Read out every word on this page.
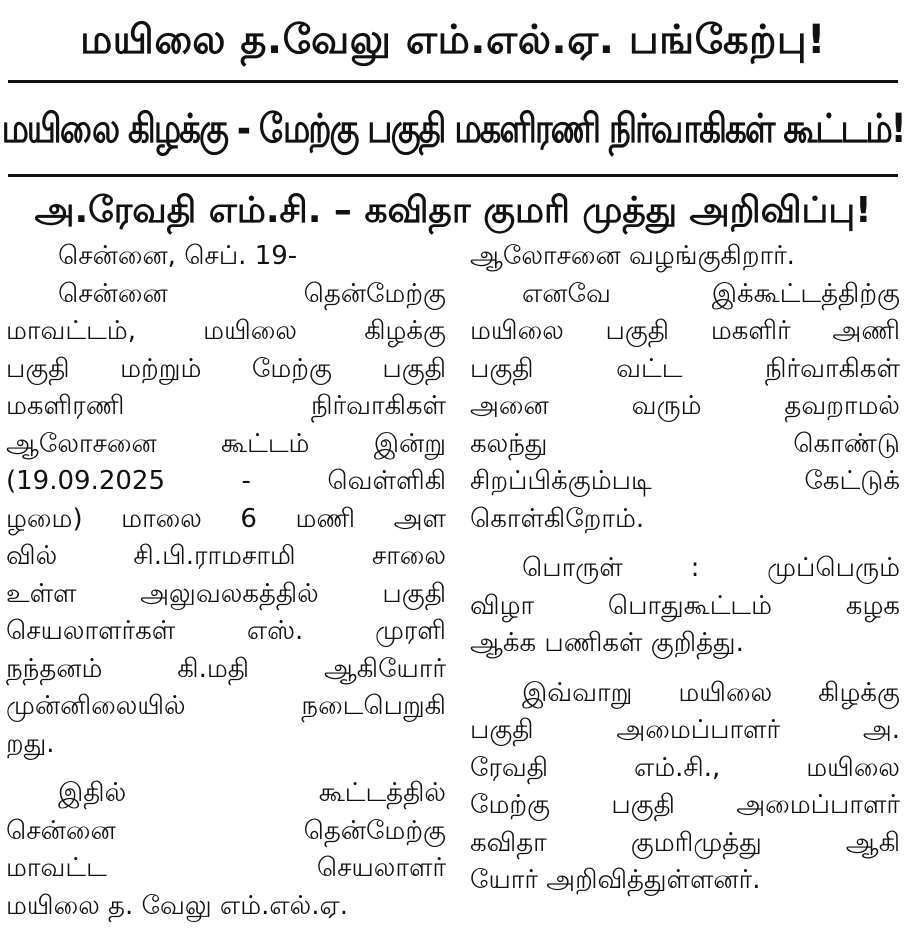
மயிலை த.வேலு எம்.எல்.ஏ. பங்கேற்பு!
மயிலை கிழக்கு - மேற்கு பகுதி மகளிரணி நிர்வாகிகள் கூட்டம்!
அ.ரேவதி எம்.சி. – கவிதா குமரி முத்து அறிவிப்பு!
சென்னை, செப். 19-
சென்னை தென்மேற்கு
மாவட்டம், மயிலை கிழக்கு
பகுதி மற்றும் மேற்கு பகுதி
மகளிரணி நிர்வாகிகள்
ஆலோசனை கூட்டம் இன்று
(19.09.2025 - வெள்ளிகி
ழமை) மாலை 6 மணி அள
வில் சி.பி.ராமசாமி சாலை
உள்ள அலுவலகத்தில் பகுதி
செயலாளர்கள் எஸ். முரளி
நந்தனம் கி.மதி ஆகியோர்
முன்னிலையில் நடைபெறுகி
றது.
இதில் கூட்டத்தில்
சென்னை தென்மேற்கு
மாவட்ட செயலாளர்
மயிலை த. வேலு எம்.எல்.ஏ.
ஆலோசனை வழங்குகிறார்.
எனவே இக்கூட்டத்திற்கு
மயிலை பகுதி மகளிர் அணி
பகுதி வட்ட நிர்வாகிகள்
அனை வரும் தவறாமல்
கலந்து கொண்டு
சிறப்பிக்கும்படி கேட்டுக்
கொள்கிறோம்.
பொருள் : முப்பெரும்
விழா பொதுகூட்டம் கழக
ஆக்க பணிகள் குறித்து.
இவ்வாறு மயிலை கிழக்கு
பகுதி அமைப்பாளர் அ.
ரேவதி எம்.சி., மயிலை
மேற்கு பகுதி அமைப்பாளர்
கவிதா குமரிமுத்து ஆகி
யோர் அறிவித்துள்ளனர்.
